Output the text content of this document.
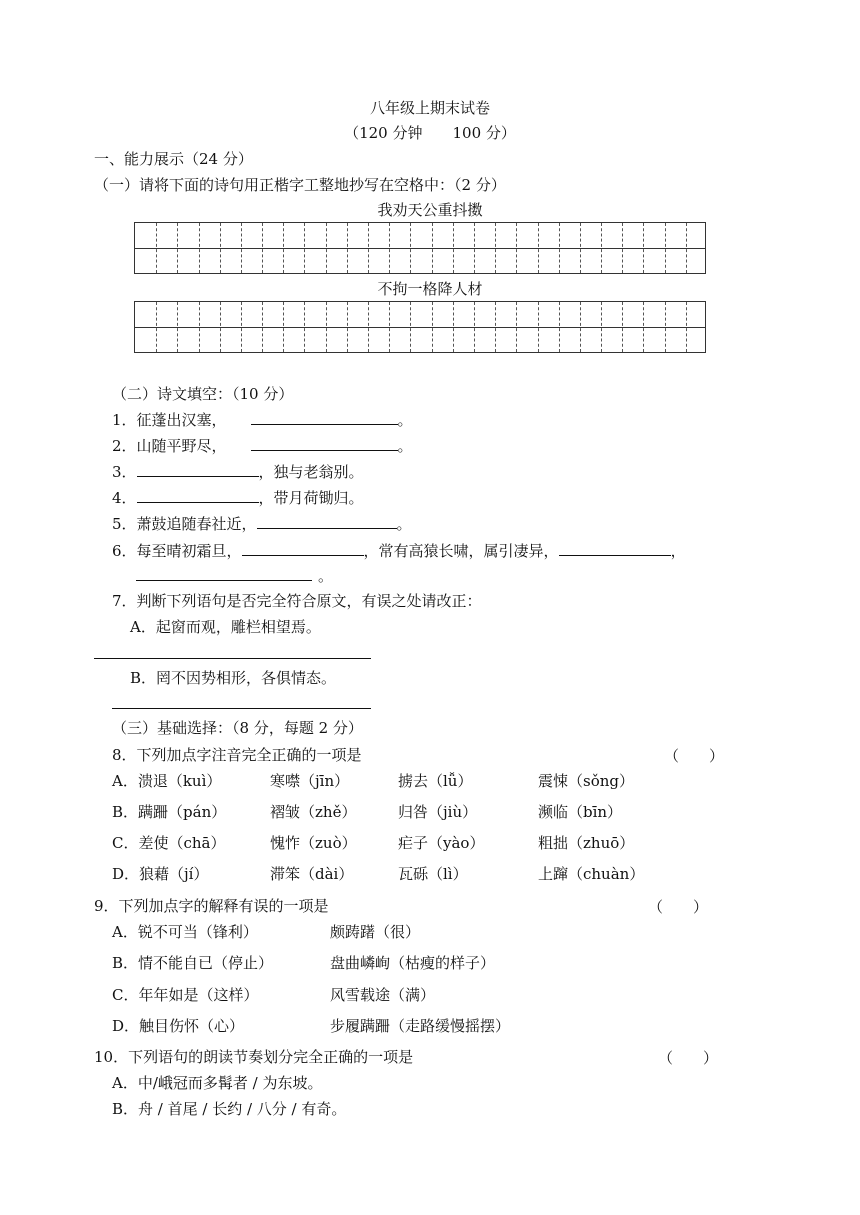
八年级上期末试卷
（120 分钟　　100 分）
一、能力展示（24 分）
（一）请将下面的诗句用正楷字工整地抄写在空格中：（2 分）
我劝天公重抖擞
不拘一格降人材
（二）诗文填空：（10 分）
1．征蓬出汉塞，	。
2．山随平野尽，	。
3．	，独与老翁别。
4．	，带月荷锄归。
5．萧鼓追随春社近，	。
6．每至晴初霜旦，	，常有高猿长啸，属引凄异，	，
。
7．判断下列语句是否完全符合原文，有误之处请改正：
A．起窗而观，雕栏相望焉。
B．罔不因势相形，各俱情态。
（三）基础选择：（8 分，每题 2 分）
8．下列加点字注音完全正确的一项是	（　　）
A．溃退（kuì）	寒噤（jīn）	掳去（lǚ）	震悚（sǒng）
B．蹒跚（pán）	褶皱（zhě）	归咎（jiù）	濒临（bīn）
C．差使（chā）	愧怍（zuò）	疟子（yào）	粗拙（zhuō）
D．狼藉（jí）	滞笨（dài）	瓦砾（lì）	上蹿（chuàn）
9．下列加点字的解释有误的一项是	（　　）
A．锐不可当（锋利）	颇踌躇（很）
B．情不能自已（停止）	盘曲嶙峋（枯瘦的样子）
C．年年如是（这样）	风雪载途（满）
D．触目伤怀（心）	步履蹒跚（走路缓慢摇摆）
10．下列语句的朗读节奏划分完全正确的一项是	（　　）
A．中/峨冠而多髯者 / 为东坡。
B．舟 / 首尾 / 长约 / 八分 / 有奇。
